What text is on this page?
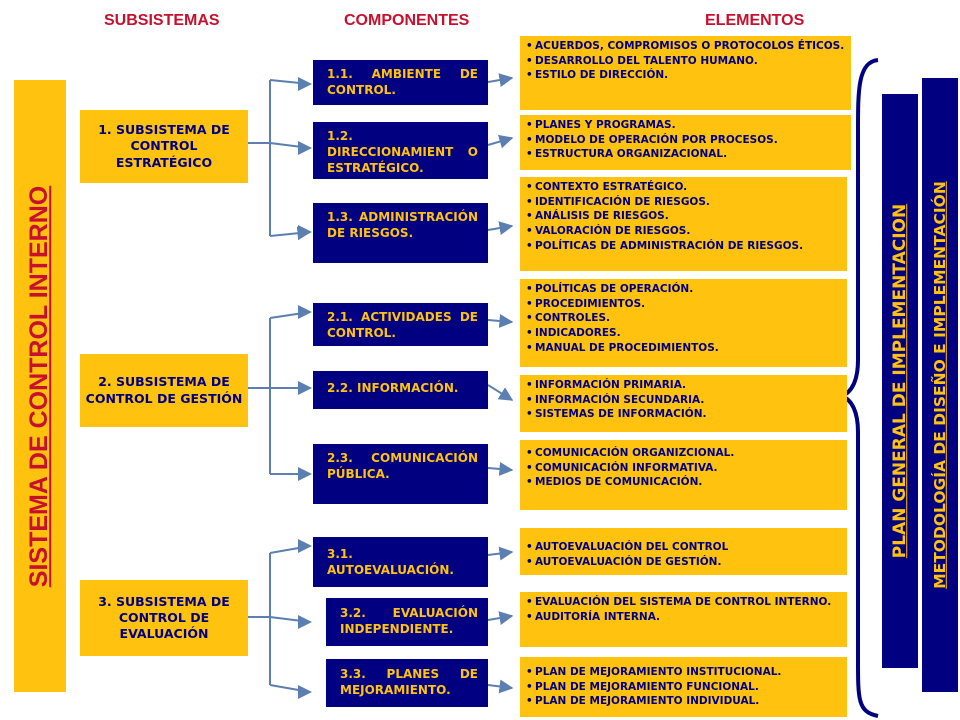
SUBSISTEMAS	COMPONENTES	ELEMENTOS
SISTEMA DE CONTROL INTERNO
1. SUBSISTEMA DE CONTROL ESTRATÉGICO
2. SUBSISTEMA DE CONTROL DE GESTIÓN
3. SUBSISTEMA DE CONTROL DE EVALUACIÓN
1.1. AMBIENTE DE CONTROL.
1.2. DIRECCIONAMIENT O ESTRATÉGICO.
1.3. ADMINISTRACIÓN DE RIESGOS.
2.1. ACTIVIDADES DE CONTROL.
2.2. INFORMACIÓN.
2.3. COMUNICACIÓN PÚBLICA.
3.1. AUTOEVALUACIÓN.
3.2. EVALUACIÓN INDEPENDIENTE.
3.3. PLANES DE MEJORAMIENTO.
• ACUERDOS, COMPROMISOS O PROTOCOLOS ÉTICOS.
• DESARROLLO DEL TALENTO HUMANO.
• ESTILO DE DIRECCIÓN.
• PLANES Y PROGRAMAS.
• MODELO DE OPERACIÓN POR PROCESOS.
• ESTRUCTURA ORGANIZACIONAL.
• CONTEXTO ESTRATÉGICO.
• IDENTIFICACIÓN DE RIESGOS.
• ANÁLISIS DE RIESGOS.
• VALORACIÓN DE RIESGOS.
• POLÍTICAS DE ADMINISTRACIÓN DE RIESGOS.
• POLÍTICAS DE OPERACIÓN.
• PROCEDIMIENTOS.
• CONTROLES.
• INDICADORES.
• MANUAL DE PROCEDIMIENTOS.
• INFORMACIÓN PRIMARIA.
• INFORMACIÓN SECUNDARIA.
• SISTEMAS DE INFORMACIÓN.
• COMUNICACIÓN ORGANIZCIONAL.
• COMUNICACIÓN INFORMATIVA.
• MEDIOS DE COMUNICACIÓN.
• AUTOEVALUACIÓN DEL CONTROL
• AUTOEVALUACIÓN DE GESTIÓN.
• EVALUACIÓN DEL SISTEMA DE CONTROL INTERNO.
• AUDITORÍA INTERNA.
• PLAN DE MEJORAMIENTO INSTITUCIONAL.
• PLAN DE MEJORAMIENTO FUNCIONAL.
• PLAN DE MEJORAMIENTO INDIVIDUAL.
PLAN GENERAL DE IMPLEMENTACION METODOLOGÍA DE DISEÑO E IMPLEMENTACIÓN
